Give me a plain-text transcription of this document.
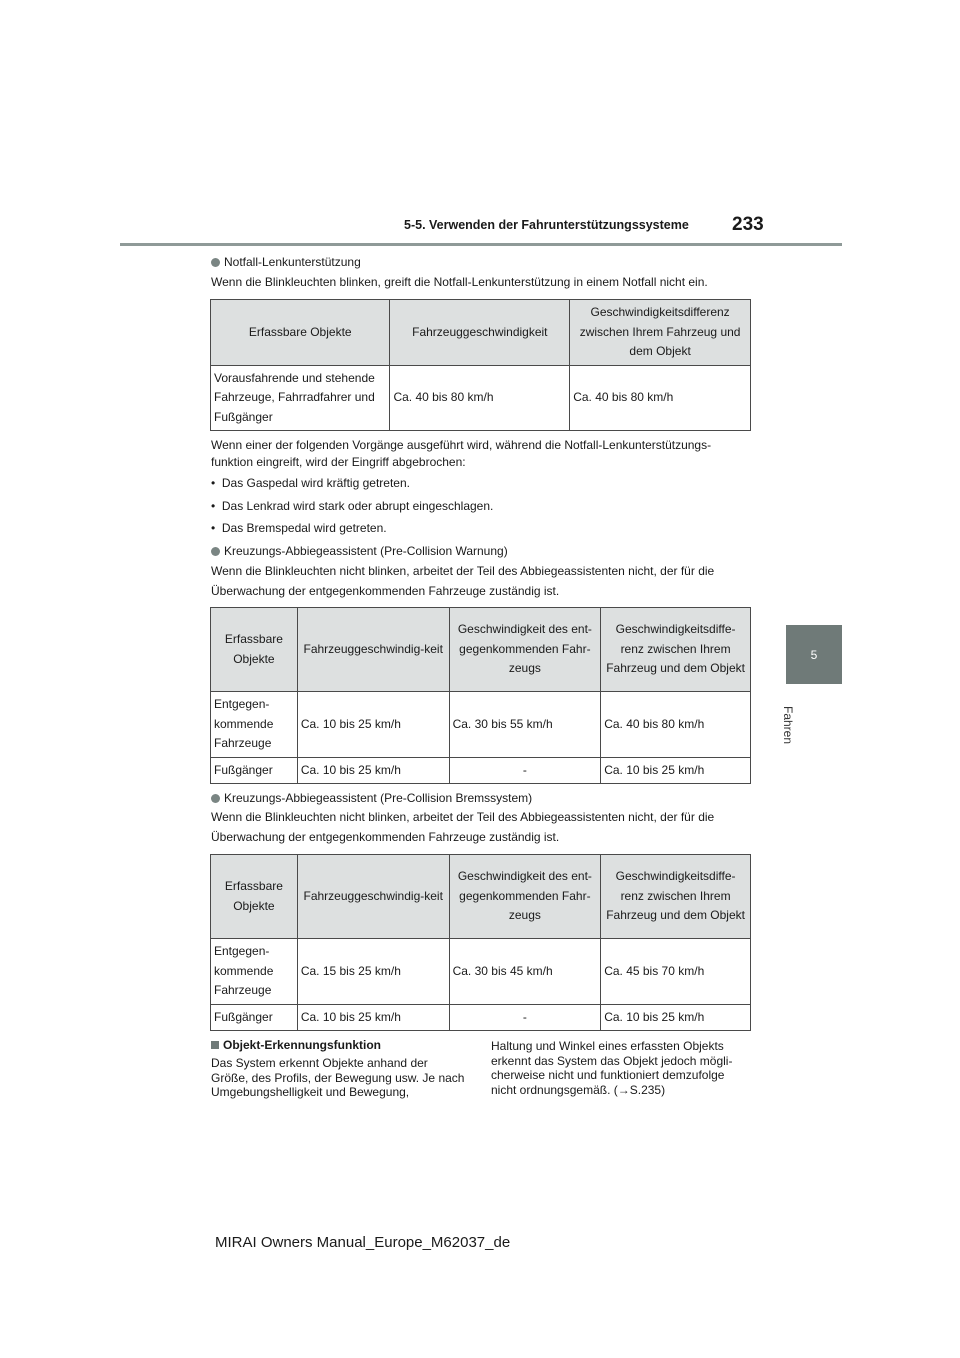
5-5. Verwenden der Fahrunterstützungssysteme 233
5
Fahren
Notfall-Lenkunterstützung
Wenn die Blinkleuchten blinken, greift die Notfall-Lenkunterstützung in einem Notfall nicht ein.
Erfassbare Objekte	Fahrzeuggeschwindigkeit	Geschwindigkeitsdifferenz zwischen Ihrem Fahrzeug und dem Objekt
Vorausfahrende und stehende Fahrzeuge, Fahrradfahrer und Fußgänger	Ca. 40 bis 80 km/h	Ca. 40 bis 80 km/h
Wenn einer der folgenden Vorgänge ausgeführt wird, während die Notfall-Lenkunterstützungs-funktion eingreift, wird der Eingriff abgebrochen:
•  Das Gaspedal wird kräftig getreten.
•  Das Lenkrad wird stark oder abrupt eingeschlagen.
•  Das Bremspedal wird getreten.
Kreuzungs-Abbiegeassistent (Pre-Collision Warnung)
Wenn die Blinkleuchten nicht blinken, arbeitet der Teil des Abbiegeassistenten nicht, der für die
Überwachung der entgegenkommenden Fahrzeuge zuständig ist.
Erfassbare Objekte	Fahrzeuggeschwindig-keit	Geschwindigkeit des ent-gegenkommenden Fahr-zeugs	Geschwindigkeitsdiffe-renz zwischen Ihrem Fahrzeug und dem Objekt
Entgegen-kommende Fahrzeuge	Ca. 10 bis 25 km/h	Ca. 30 bis 55 km/h	Ca. 40 bis 80 km/h
Fußgänger	Ca. 10 bis 25 km/h	-	Ca. 10 bis 25 km/h
Kreuzungs-Abbiegeassistent (Pre-Collision Bremssystem)
Wenn die Blinkleuchten nicht blinken, arbeitet der Teil des Abbiegeassistenten nicht, der für die
Überwachung der entgegenkommenden Fahrzeuge zuständig ist.
Erfassbare Objekte	Fahrzeuggeschwindig-keit	Geschwindigkeit des ent-gegenkommenden Fahr-zeugs	Geschwindigkeitsdiffe-renz zwischen Ihrem Fahrzeug und dem Objekt
Entgegen-kommende Fahrzeuge	Ca. 15 bis 25 km/h	Ca. 30 bis 45 km/h	Ca. 45 bis 70 km/h
Fußgänger	Ca. 10 bis 25 km/h	-	Ca. 10 bis 25 km/h
Objekt-Erkennungsfunktion
Das System erkennt Objekte anhand der Größe, des Profils, der Bewegung usw. Je nach Umgebungshelligkeit und Bewegung,
Haltung und Winkel eines erfassten Objekts erkennt das System das Objekt jedoch mögli-cherweise nicht und funktioniert demzufolge nicht ordnungsgemäß. (→S.235)
MIRAI Owners Manual_Europe_M62037_de
